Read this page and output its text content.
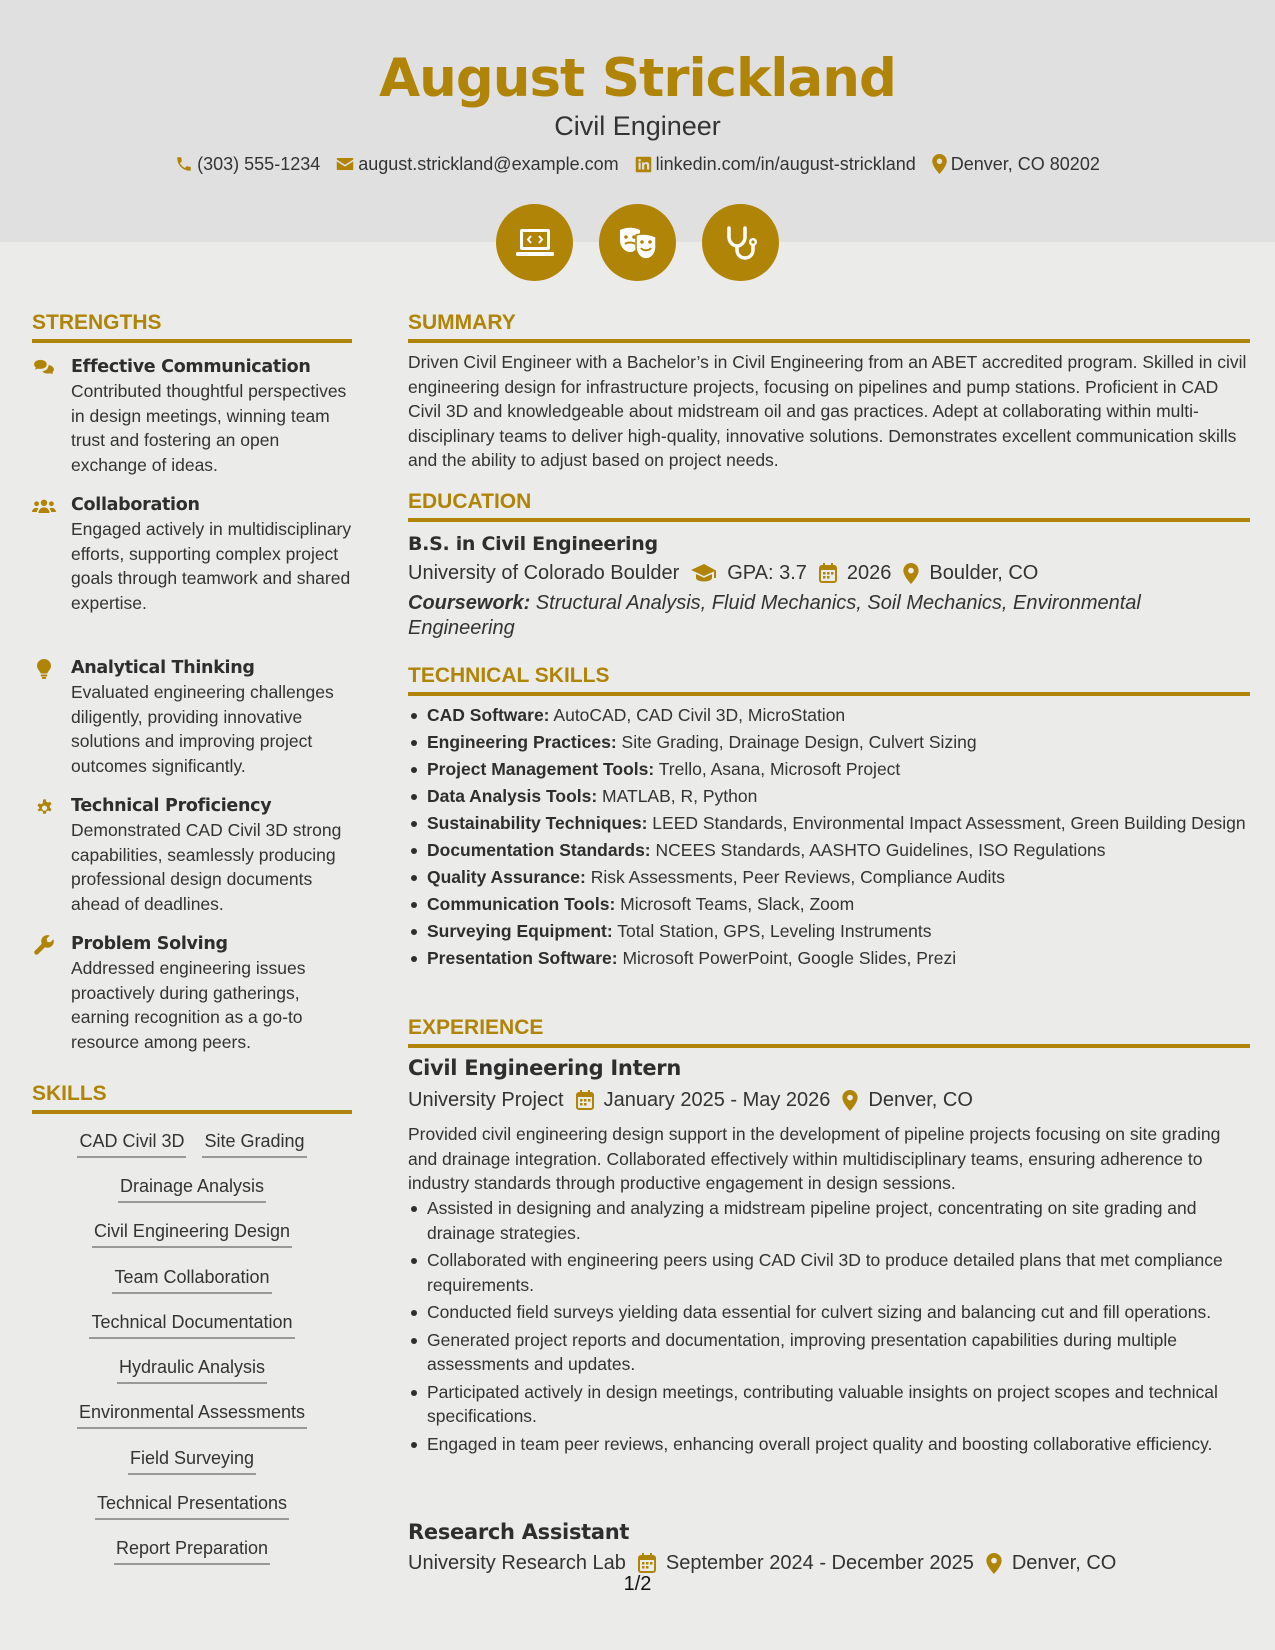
August Strickland
Civil Engineer
(303) 555-1234 august.strickland@example.com linkedin.com/in/august-strickland Denver, CO 80202
STRENGTHS
Effective Communication
Contributed thoughtful perspectives in design meetings, winning team trust and fostering an open exchange of ideas.
Collaboration
Engaged actively in multidisciplinary efforts, supporting complex project goals through teamwork and shared expertise.
Analytical Thinking
Evaluated engineering challenges diligently, providing innovative solutions and improving project outcomes significantly.
Technical Proficiency
Demonstrated CAD Civil 3D strong capabilities, seamlessly producing professional design documents ahead of deadlines.
Problem Solving
Addressed engineering issues proactively during gatherings, earning recognition as a go-to resource among peers.
SKILLS
CAD Civil 3D Site Grading
Drainage Analysis
Civil Engineering Design
Team Collaboration
Technical Documentation
Hydraulic Analysis
Environmental Assessments
Field Surveying
Technical Presentations
Report Preparation
SUMMARY
Driven Civil Engineer with a Bachelor’s in Civil Engineering from an ABET accredited program. Skilled in civil engineering design for infrastructure projects, focusing on pipelines and pump stations. Proficient in CAD Civil 3D and knowledgeable about midstream oil and gas practices. Adept at collaborating within multi-disciplinary teams to deliver high-quality, innovative solutions. Demonstrates excellent communication skills and the ability to adjust based on project needs.
EDUCATION
B.S. in Civil Engineering
University of Colorado Boulder GPA: 3.7 2026 Boulder, CO
Coursework: Structural Analysis, Fluid Mechanics, Soil Mechanics, Environmental Engineering
TECHNICAL SKILLS
CAD Software: AutoCAD, CAD Civil 3D, MicroStation
Engineering Practices: Site Grading, Drainage Design, Culvert Sizing
Project Management Tools: Trello, Asana, Microsoft Project
Data Analysis Tools: MATLAB, R, Python
Sustainability Techniques: LEED Standards, Environmental Impact Assessment, Green Building Design
Documentation Standards: NCEES Standards, AASHTO Guidelines, ISO Regulations
Quality Assurance: Risk Assessments, Peer Reviews, Compliance Audits
Communication Tools: Microsoft Teams, Slack, Zoom
Surveying Equipment: Total Station, GPS, Leveling Instruments
Presentation Software: Microsoft PowerPoint, Google Slides, Prezi
EXPERIENCE
Civil Engineering Intern
University Project January 2025 - May 2026 Denver, CO
Provided civil engineering design support in the development of pipeline projects focusing on site grading and drainage integration. Collaborated effectively within multidisciplinary teams, ensuring adherence to industry standards through productive engagement in design sessions.
Assisted in designing and analyzing a midstream pipeline project, concentrating on site grading and drainage strategies.
Collaborated with engineering peers using CAD Civil 3D to produce detailed plans that met compliance requirements.
Conducted field surveys yielding data essential for culvert sizing and balancing cut and fill operations.
Generated project reports and documentation, improving presentation capabilities during multiple assessments and updates.
Participated actively in design meetings, contributing valuable insights on project scopes and technical specifications.
Engaged in team peer reviews, enhancing overall project quality and boosting collaborative efficiency.
Research Assistant
University Research Lab September 2024 - December 2025 Denver, CO
1/2
